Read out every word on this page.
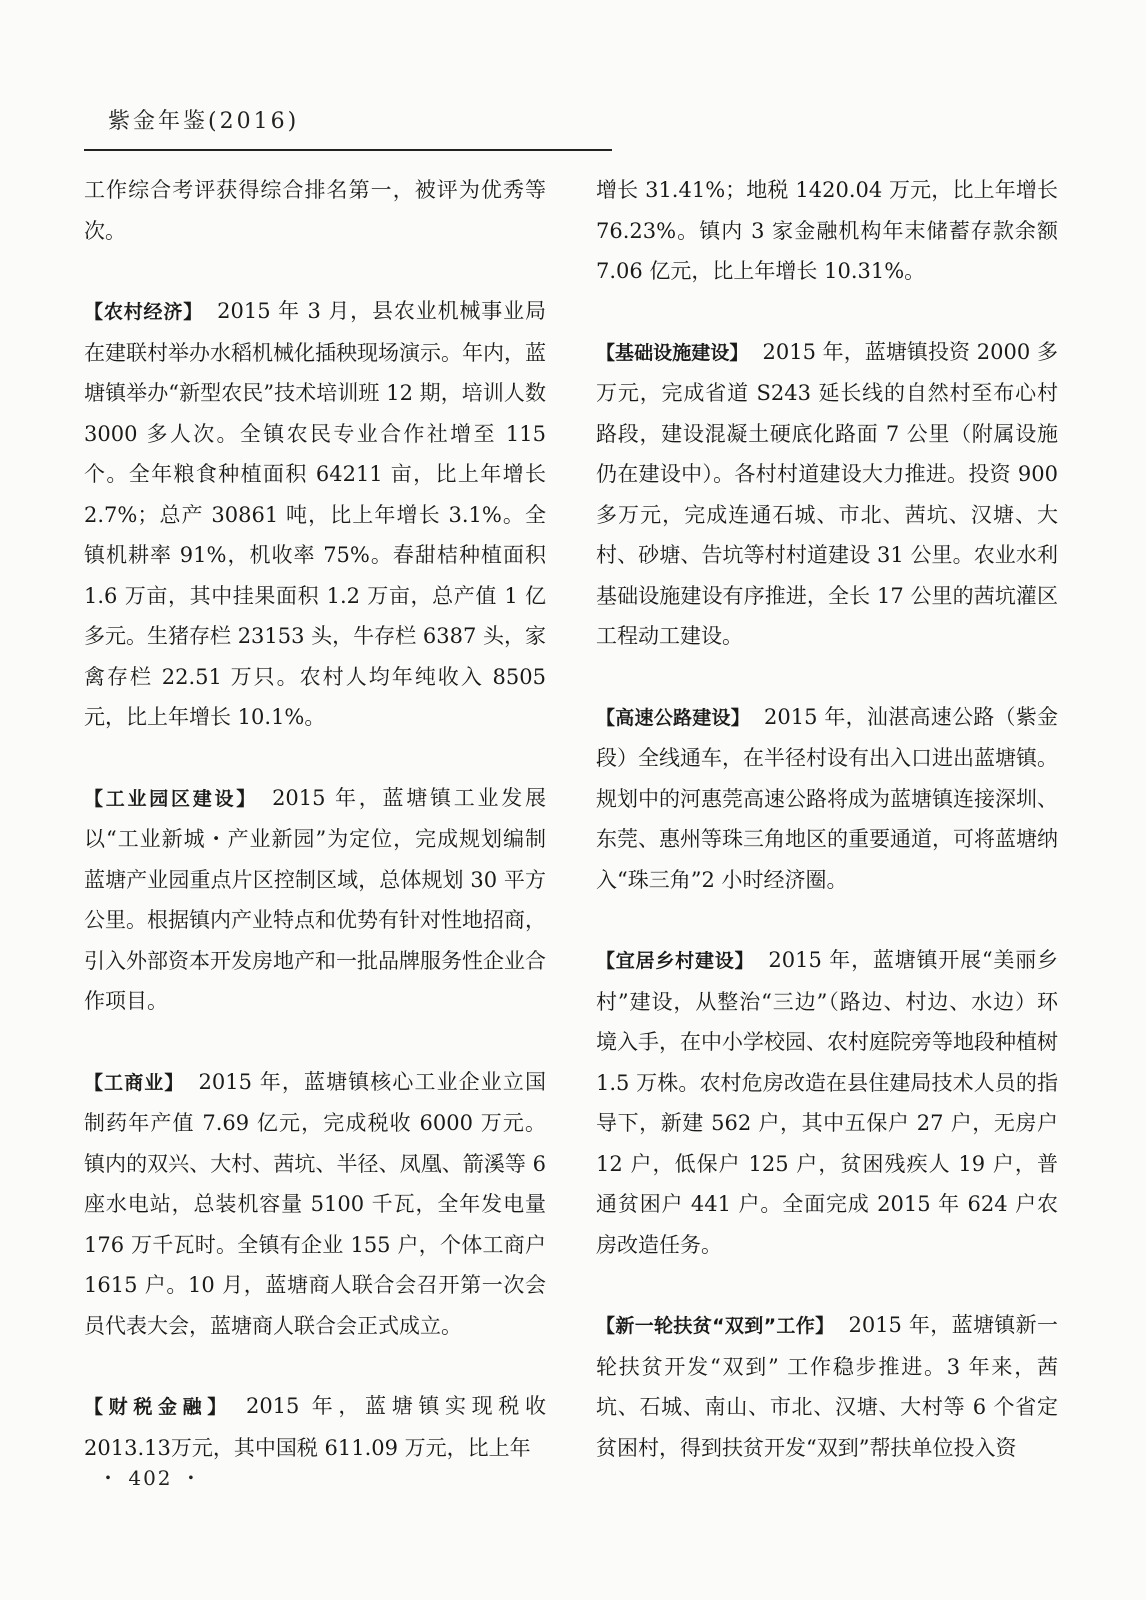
紫金年鉴(2016)

工作综合考评获得综合排名第一，被评为优秀等次。

【农村经济】 2015 年 3 月，县农业机械事业局在建联村举办水稻机械化插秧现场演示。年内，蓝塘镇举办“新型农民”技术培训班 12 期，培训人数 3000 多人次。全镇农民专业合作社增至 115 个。全年粮食种植面积 64211 亩，比上年增长 2.7%；总产 30861 吨，比上年增长 3.1%。全镇机耕率 91%，机收率 75%。春甜桔种植面积 1.6 万亩，其中挂果面积 1.2 万亩，总产值 1 亿多元。生猪存栏 23153 头，牛存栏 6387 头，家禽存栏 22.51 万只。农村人均年纯收入 8505 元，比上年增长 10.1%。

【工业园区建设】 2015 年，蓝塘镇工业发展以“工业新城・产业新园”为定位，完成规划编制蓝塘产业园重点片区控制区域，总体规划 30 平方公里。根据镇内产业特点和优势有针对性地招商，引入外部资本开发房地产和一批品牌服务性企业合作项目。

【工商业】 2015 年，蓝塘镇核心工业企业立国制药年产值 7.69 亿元，完成税收 6000 万元。镇内的双兴、大村、茜坑、半径、凤凰、箭溪等 6 座水电站，总装机容量 5100 千瓦，全年发电量 176 万千瓦时。全镇有企业 155 户，个体工商户 1615 户。10 月，蓝塘商人联合会召开第一次会员代表大会，蓝塘商人联合会正式成立。

【财税金融】 2015 年，蓝塘镇实现税收 2013.13万元，其中国税 611.09 万元，比上年

增长 31.41%；地税 1420.04 万元，比上年增长 76.23%。镇内 3 家金融机构年末储蓄存款余额 7.06 亿元，比上年增长 10.31%。

【基础设施建设】 2015 年，蓝塘镇投资 2000 多万元，完成省道 S243 延长线的自然村至布心村路段，建设混凝土硬底化路面 7 公里（附属设施仍在建设中）。各村村道建设大力推进。投资 900 多万元，完成连通石城、市北、茜坑、汉塘、大村、砂塘、告坑等村村道建设 31 公里。农业水利基础设施建设有序推进，全长 17 公里的茜坑灌区工程动工建设。

【高速公路建设】 2015 年，汕湛高速公路（紫金段）全线通车，在半径村设有出入口进出蓝塘镇。规划中的河惠莞高速公路将成为蓝塘镇连接深圳、东莞、惠州等珠三角地区的重要通道，可将蓝塘纳入“珠三角”2 小时经济圈。

【宜居乡村建设】 2015 年，蓝塘镇开展“美丽乡村”建设，从整治“三边”（路边、村边、水边）环境入手，在中小学校园、农村庭院旁等地段种植树 1.5 万株。农村危房改造在县住建局技术人员的指导下，新建 562 户，其中五保户 27 户，无房户 12 户，低保户 125 户，贫困残疾人 19 户，普通贫困户 441 户。全面完成 2015 年 624 户农房改造任务。

【新一轮扶贫“双到”工作】 2015 年，蓝塘镇新一轮扶贫开发“双到” 工作稳步推进。3 年来，茜坑、石城、南山、市北、汉塘、大村等 6 个省定贫困村，得到扶贫开发“双到”帮扶单位投入资

・ 402 ・
